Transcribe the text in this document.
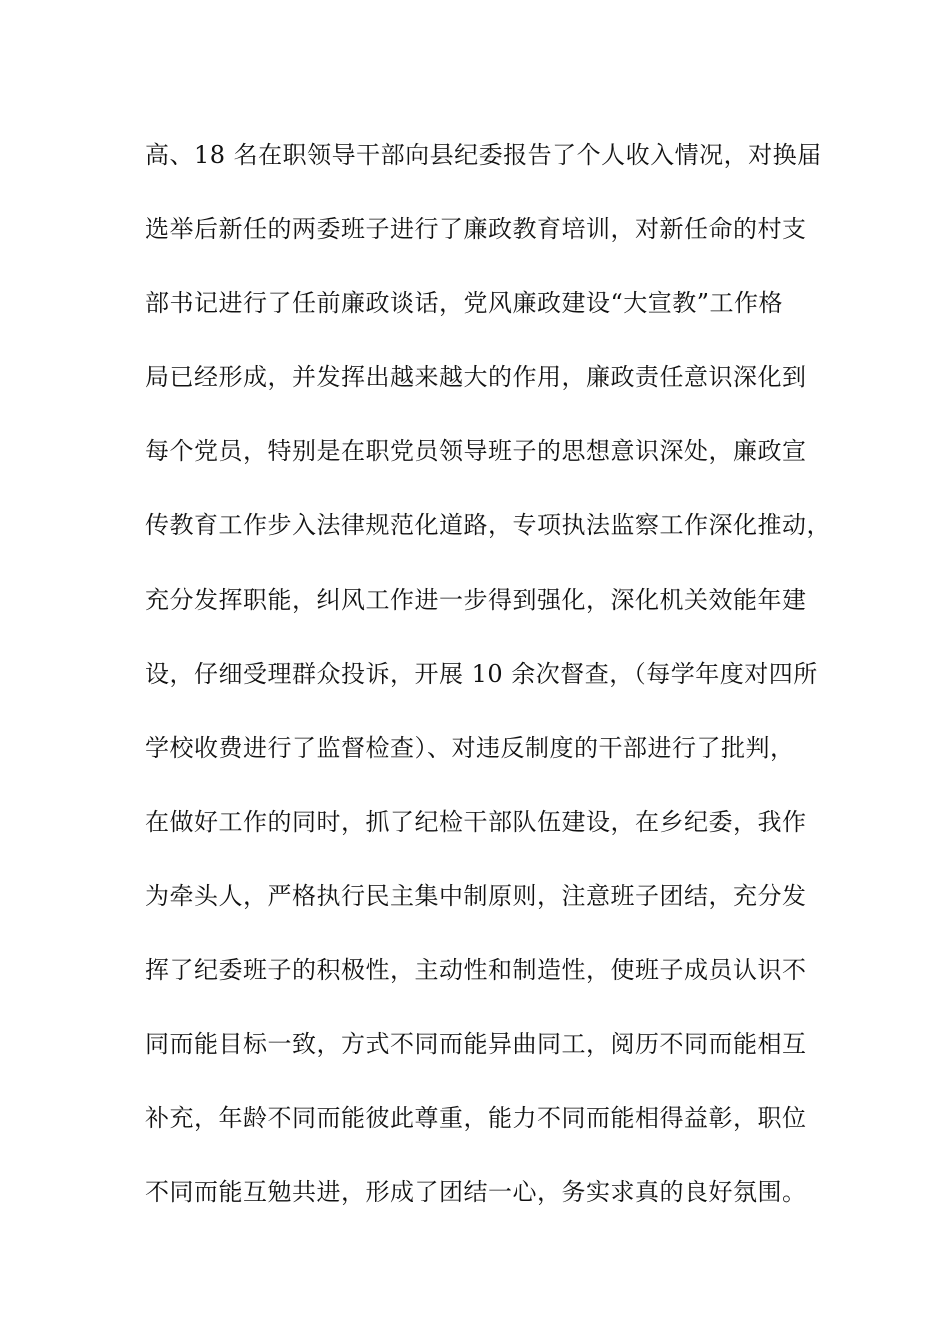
高、18 名在职领导干部向县纪委报告了个人收入情况，对换届
选举后新任的两委班子进行了廉政教育培训，对新任命的村支
部书记进行了任前廉政谈话，党风廉政建设“大宣教”工作格
局已经形成，并发挥出越来越大的作用，廉政责任意识深化到
每个党员，特别是在职党员领导班子的思想意识深处，廉政宣
传教育工作步入法律规范化道路，专项执法监察工作深化推动，
充分发挥职能，纠风工作进一步得到强化，深化机关效能年建
设，仔细受理群众投诉，开展 10 余次督查，（每学年度对四所
学校收费进行了监督检查）、对违反制度的干部进行了批判，
在做好工作的同时，抓了纪检干部队伍建设，在乡纪委，我作
为牵头人，严格执行民主集中制原则，注意班子团结，充分发
挥了纪委班子的积极性，主动性和制造性，使班子成员认识不
同而能目标一致，方式不同而能异曲同工，阅历不同而能相互
补充，年龄不同而能彼此尊重，能力不同而能相得益彰，职位
不同而能互勉共进，形成了团结一心，务实求真的良好氛围。
